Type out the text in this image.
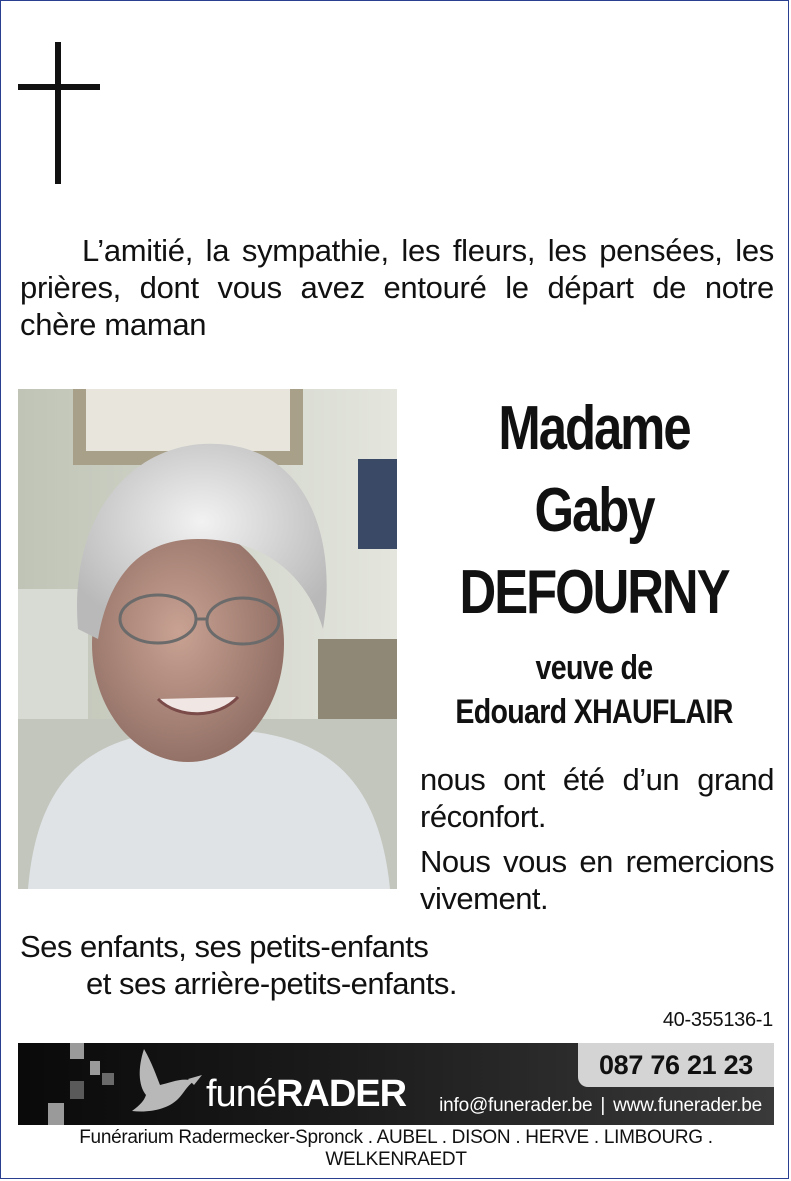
L’amitié, la sympathie, les fleurs, les pensées, les prières, dont vous avez entouré le départ de notre chère maman

Madame
Gaby
DEFOURNY
veuve de
Edouard XHAUFLAIR

nous ont été d’un grand réconfort.

Nous vous en remercions vivement.

Ses enfants, ses petits-enfants
et ses arrière-petits-enfants.
40-355136-1
funéRADER
087 76 21 23
info@funerader.be | www.funerader.be
Funérarium Radermecker-Spronck . AUBEL . DISON . HERVE . LIMBOURG . WELKENRAEDT
